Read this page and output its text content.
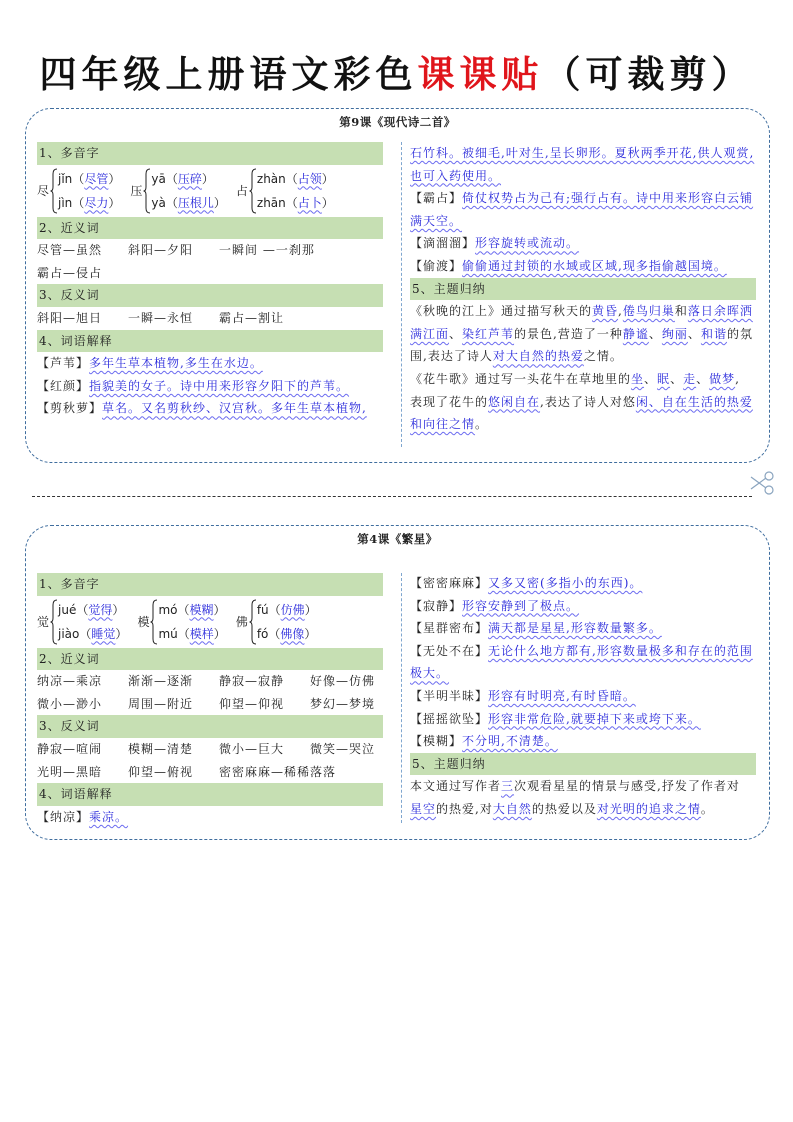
四年级上册语文彩色课课贴（可裁剪）
第9课《现代诗二首》
1、多音字
尽
jǐn（尽管）
jìn（尽力）
压
yā（压碎）
yà（压根儿）
占
zhàn（占领）
zhān（占卜）
2、近义词
尽管—虽然　　斜阳—夕阳　　一瞬间 —一刹那
霸占—侵占
3、反义词
斜阳—旭日　　一瞬—永恒　　霸占—割让
4、词语解释
【芦苇】多年生草本植物,多生在水边。
【红颜】指貌美的女子。诗中用来形容夕阳下的芦苇。
【剪秋萝】草名。又名剪秋纱、汉宫秋。多年生草本植物,
石竹科。被细毛,叶对生,呈长卵形。夏秋两季开花,供人观赏,
也可入药使用。
【霸占】倚仗权势占为己有;强行占有。诗中用来形容白云铺
满天空。
【滴溜溜】形容旋转或流动。
【偷渡】偷偷通过封锁的水域或区域,现多指偷越国境。
5、主题归纳
《秋晚的江上》通过描写秋天的黄昏,倦鸟归巢和落日余晖洒
满江面、染红芦苇的景色,营造了一种静谧、绚丽、和谐的氛
围,表达了诗人对大自然的热爱之情。
《花牛歌》通过写一头花牛在草地里的坐、眠、走、做梦,
表现了花牛的悠闲自在,表达了诗人对悠闲、自在生活的热爱
和向往之情。
第4课《繁星》
1、多音字
觉
jué（觉得）
jiào（睡觉）
模
mó（模糊）
mú（模样）
佛
fú（仿佛）
fó（佛像）
2、近义词
纳凉—乘凉　　渐渐—逐渐　　静寂—寂静　　好像—仿佛
微小—渺小　　周围—附近　　仰望—仰视　　梦幻—梦境
3、反义词
静寂—喧闹　　模糊—清楚　　微小—巨大　　微笑—哭泣
光明—黑暗　　仰望—俯视　　密密麻麻—稀稀落落
4、词语解释
【纳凉】乘凉。
【密密麻麻】又多又密(多指小的东西)。
【寂静】形容安静到了极点。
【星群密布】满天都是星星,形容数量繁多。
【无处不在】无论什么地方都有,形容数量极多和存在的范围
极大。
【半明半昧】形容有时明亮,有时昏暗。
【摇摇欲坠】形容非常危险,就要掉下来或垮下来。
【模糊】不分明,不清楚。
5、主题归纳
本文通过写作者三次观看星星的情景与感受,抒发了作者对
星空的热爱,对大自然的热爱以及对光明的追求之情。
